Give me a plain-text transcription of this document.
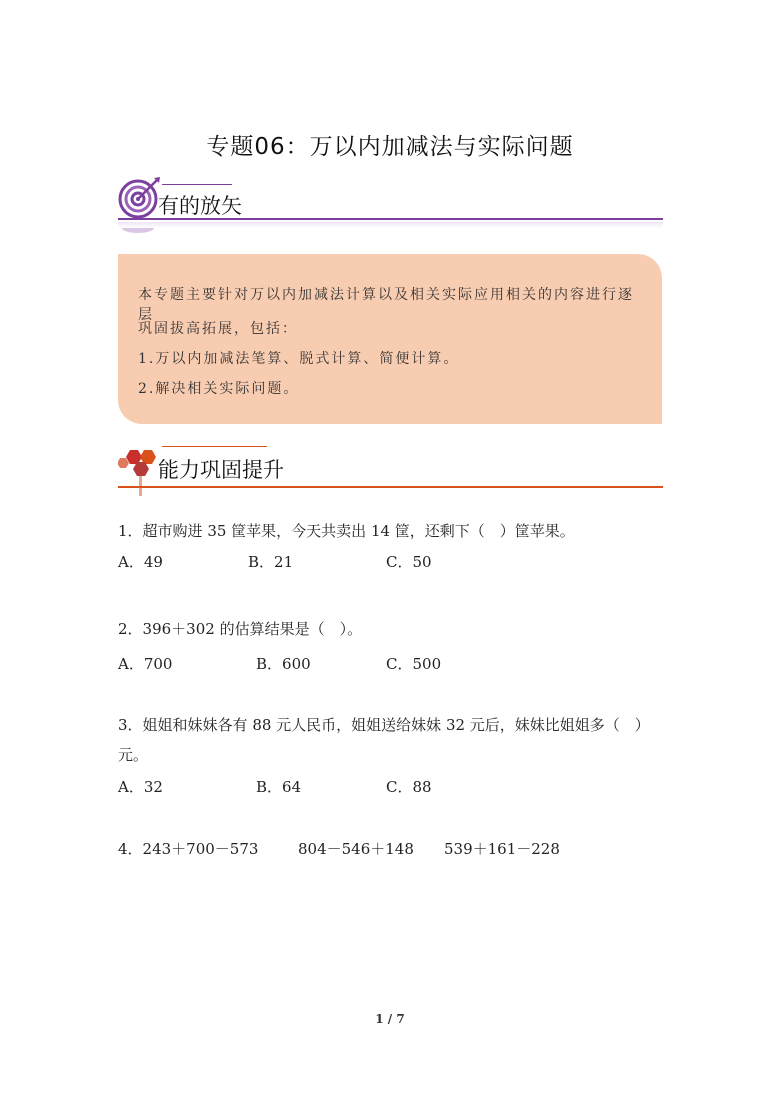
专题06：万以内加减法与实际问题
有的放矢

本专题主要针对万以内加减法计算以及相关实际应用相关的内容进行逐层

巩固拔高拓展，包括：

1.万以内加减法笔算、脱式计算、简便计算。

2.解决相关实际问题。

能力巩固提升
1．超市购进 35 筐苹果，今天共卖出 14 筐，还剩下（　）筐苹果。
A．49	B．21	C．50
2．396＋302 的估算结果是（　）。
A．700	B．600	C．500
3．姐姐和妹妹各有 88 元人民币，姐姐送给妹妹 32 元后，妹妹比姐姐多（　）
元。
A．32	B．64	C．88
4．243＋700－573	804－546＋148 539＋161－228
1 / 7
